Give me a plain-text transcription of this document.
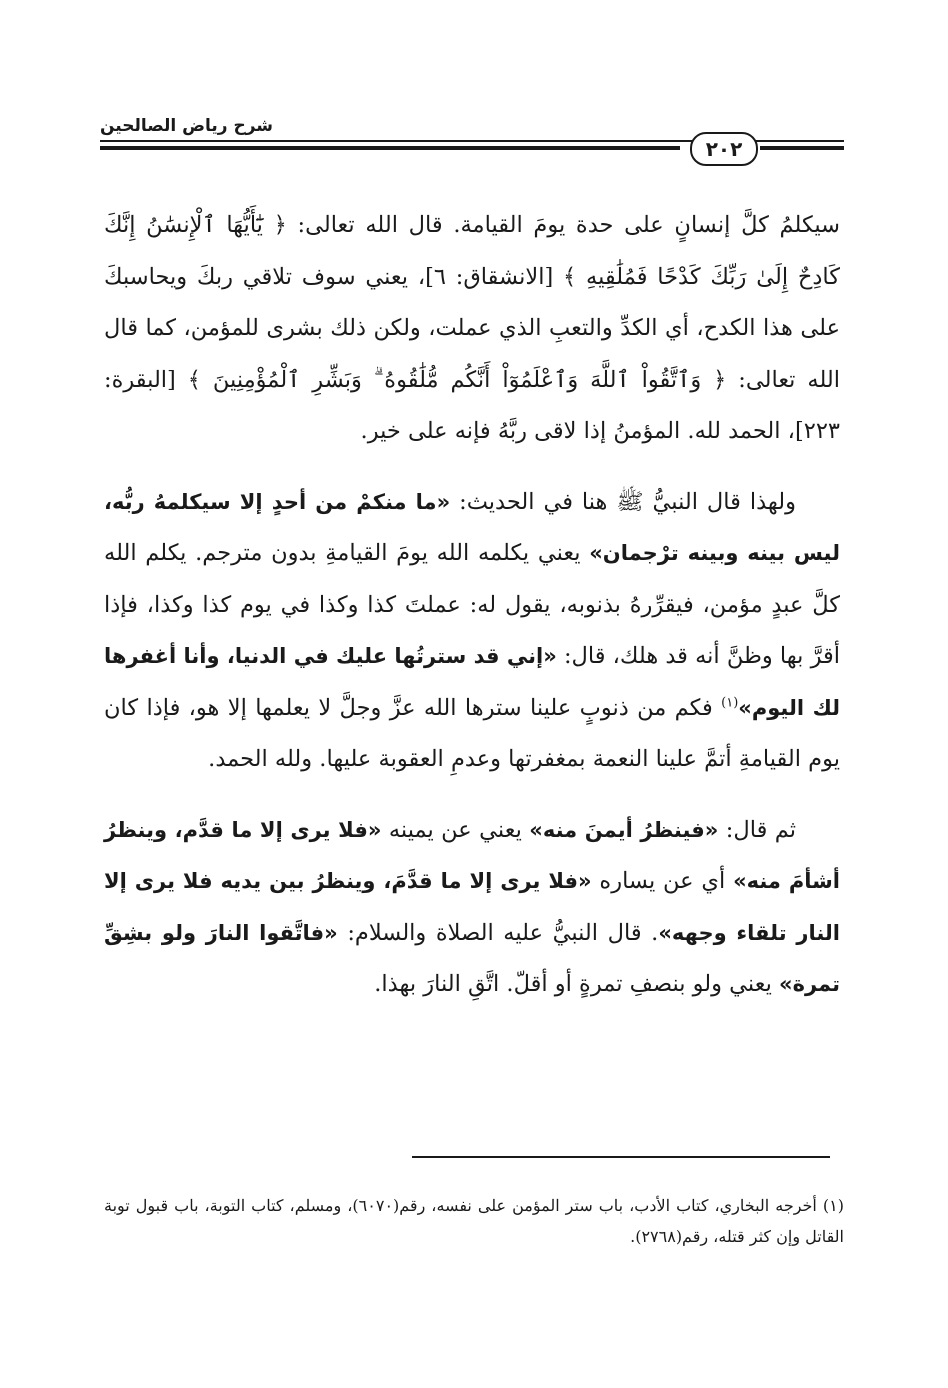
شرح رياض الصالحين
٢٠٢

سيكلمُ كلَّ إنسانٍ على حدة يومَ القيامة. قال الله تعالى: ﴿ يَٰٓأَيُّهَا ٱلْإِنسَٰنُ إِنَّكَ كَادِحٌ إِلَىٰ رَبِّكَ كَدْحًا فَمُلَٰقِيهِ ﴾ [الانشقاق: ٦]، يعني سوف تلاقي ربكَ ويحاسبكَ على هذا الكدح، أي الكدِّ والتعبِ الذي عملت، ولكن ذلك بشرى للمؤمن، كما قال الله تعالى: ﴿ وَٱتَّقُواْ ٱللَّهَ وَٱعْلَمُوٓاْ أَنَّكُم مُّلَٰقُوهُ ۗ وَبَشِّرِ ٱلْمُؤْمِنِينَ ﴾ [البقرة: ٢٢٣]، الحمد لله. المؤمنُ إذا لاقى ربَّهُ فإنه على خير.

ولهذا قال النبيُّ ﷺ هنا في الحديث: «ما منكمْ من أحدٍ إلا سيكلمهُ ربُّه، ليس بينه وبينه ترْجمان» يعني يكلمه الله يومَ القيامةِ بدون مترجم. يكلم الله كلَّ عبدٍ مؤمن، فيقرِّرهُ بذنوبه، يقول له: عملتَ كذا وكذا في يوم كذا وكذا، فإذا أقرَّ بها وظنَّ أنه قد هلك، قال: «إني قد سترتُها عليك في الدنيا، وأنا أغفرها لك اليوم»$^{(١)}$ فكم من ذنوبٍ علينا سترها الله عزَّ وجلَّ لا يعلمها إلا هو، فإذا كان يوم القيامةِ أتمَّ علينا النعمة بمغفرتها وعدمِ العقوبة عليها. ولله الحمد.

ثم قال: «فينظرُ أيمنَ منه» يعني عن يمينه «فلا يرى إلا ما قدَّم، وينظرُ أشأمَ منه» أي عن يساره «فلا يرى إلا ما قدَّمَ، وينظرُ بين يديه فلا يرى إلا النار تلقاء وجهه». قال النبيُّ عليه الصلاة والسلام: «فاتَّقوا النارَ ولو بشِقِّ تمرة» يعني ولو بنصفِ تمرةٍ أو أقلّ. اتَّقِ النارَ بهذا.

(١) أخرجه البخاري، كتاب الأدب، باب ستر المؤمن على نفسه، رقم(٦٠٧٠)، ومسلم، كتاب التوبة، باب قبول توبة القاتل وإن كثر قتله، رقم(٢٧٦٨).
